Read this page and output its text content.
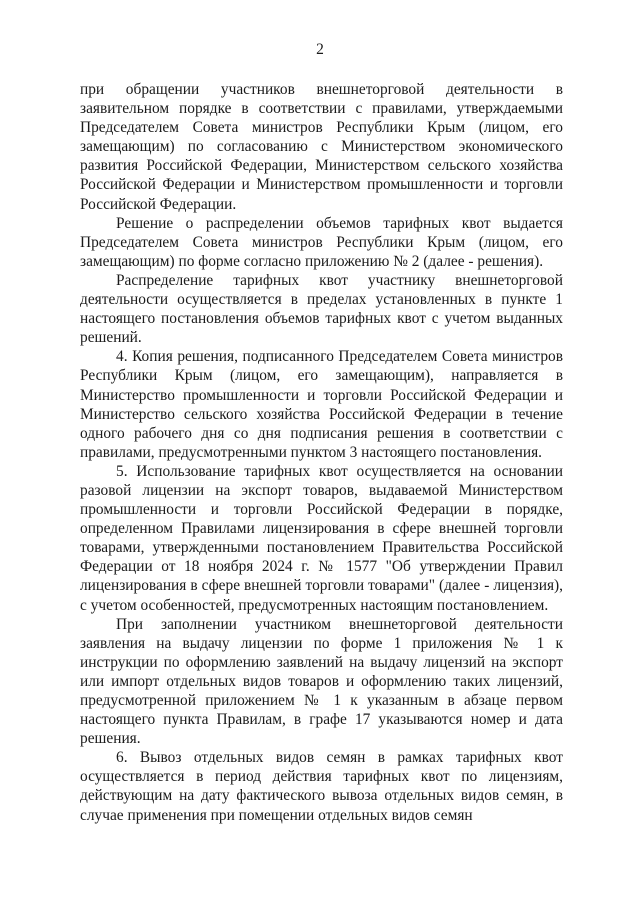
2

при обращении участников внешнеторговой деятельности в заявительном порядке в соответствии с правилами, утверждаемыми Председателем Совета министров Республики Крым (лицом, его замещающим) по согласованию с Министерством экономического развития Российской Федерации, Министерством сельского хозяйства Российской Федерации и Министерством промышленности и торговли Российской Федерации.

Решение о распределении объемов тарифных квот выдается Председателем Совета министров Республики Крым (лицом, его замещающим) по форме согласно приложению № 2 (далее - решения).

Распределение тарифных квот участнику внешнеторговой деятельности осуществляется в пределах установленных в пункте 1 настоящего постановления объемов тарифных квот с учетом выданных решений.

4. Копия решения, подписанного Председателем Совета министров Республики Крым (лицом, его замещающим), направляется в Министерство промышленности и торговли Российской Федерации и Министерство сельского хозяйства Российской Федерации в течение одного рабочего дня со дня подписания решения в соответствии с правилами, предусмотренными пунктом 3 настоящего постановления.

5. Использование тарифных квот осуществляется на основании разовой лицензии на экспорт товаров, выдаваемой Министерством промышленности и торговли Российской Федерации в порядке, определенном Правилами лицензирования в сфере внешней торговли товарами, утвержденными постановлением Правительства Российской Федерации от 18 ноября 2024 г. № 1577 "Об утверждении Правил лицензирования в сфере внешней торговли товарами" (далее - лицензия), с учетом особенностей, предусмотренных настоящим постановлением.

При заполнении участником внешнеторговой деятельности заявления на выдачу лицензии по форме 1 приложения № 1 к инструкции по оформлению заявлений на выдачу лицензий на экспорт или импорт отдельных видов товаров и оформлению таких лицензий, предусмотренной приложением № 1 к указанным в абзаце первом настоящего пункта Правилам, в графе 17 указываются номер и дата решения.

6. Вывоз отдельных видов семян в рамках тарифных квот осуществляется в период действия тарифных квот по лицензиям, действующим на дату фактического вывоза отдельных видов семян, в случае применения при помещении отдельных видов семян
